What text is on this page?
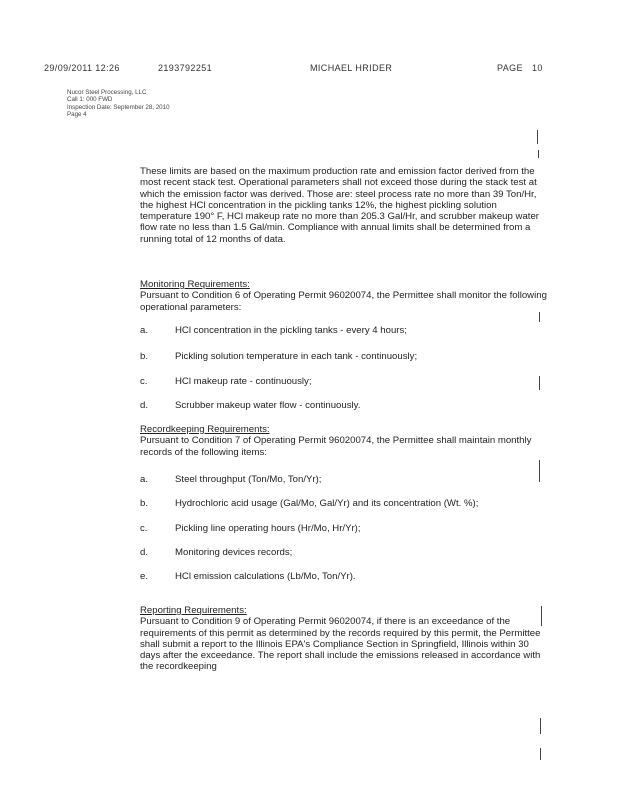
29/09/2011 12:26	2193792251	MICHAEL HRIDER	PAGE 10
Nucor Steel Processing, LLC
Call 1: 000 FWD
Inspection Date: September 28, 2010
Page 4

These limits are based on the maximum production rate and emission factor derived from the most recent stack test. Operational parameters shall not exceed those during the stack test at which the emission factor was derived. Those are: steel process rate no more than 39 Ton/Hr, the highest HCl concentration in the pickling tanks 12%, the highest pickling solution temperature 190° F, HCl makeup rate no more than 205.3 Gal/Hr, and scrubber makeup water flow rate no less than 1.5 Gal/min. Compliance with annual limits shall be determined from a running total of 12 months of data.

Monitoring Requirements:

Pursuant to Condition 6 of Operating Permit 96020074, the Permittee shall monitor the following operational parameters:

a.	HCl concentration in the pickling tanks - every 4 hours;
b.	Pickling solution temperature in each tank - continuously;
c.	HCl makeup rate - continuously;
d.	Scrubber makeup water flow - continuously.

Recordkeeping Requirements:

Pursuant to Condition 7 of Operating Permit 96020074, the Permittee shall maintain monthly records of the following items:

a.	Steel throughput (Ton/Mo, Ton/Yr);
b.	Hydrochloric acid usage (Gal/Mo, Gal/Yr) and its concentration (Wt. %);
c.	Pickling line operating hours (Hr/Mo, Hr/Yr);
d.	Monitoring devices records;
e.	HCl emission calculations (Lb/Mo, Ton/Yr).

Reporting Requirements:

Pursuant to Condition 9 of Operating Permit 96020074, if there is an exceedance of the requirements of this permit as determined by the records required by this permit, the Permittee shall submit a report to the Illinois EPA's Compliance Section in Springfield, Illinois within 30 days after the exceedance. The report shall include the emissions released in accordance with the recordkeeping
